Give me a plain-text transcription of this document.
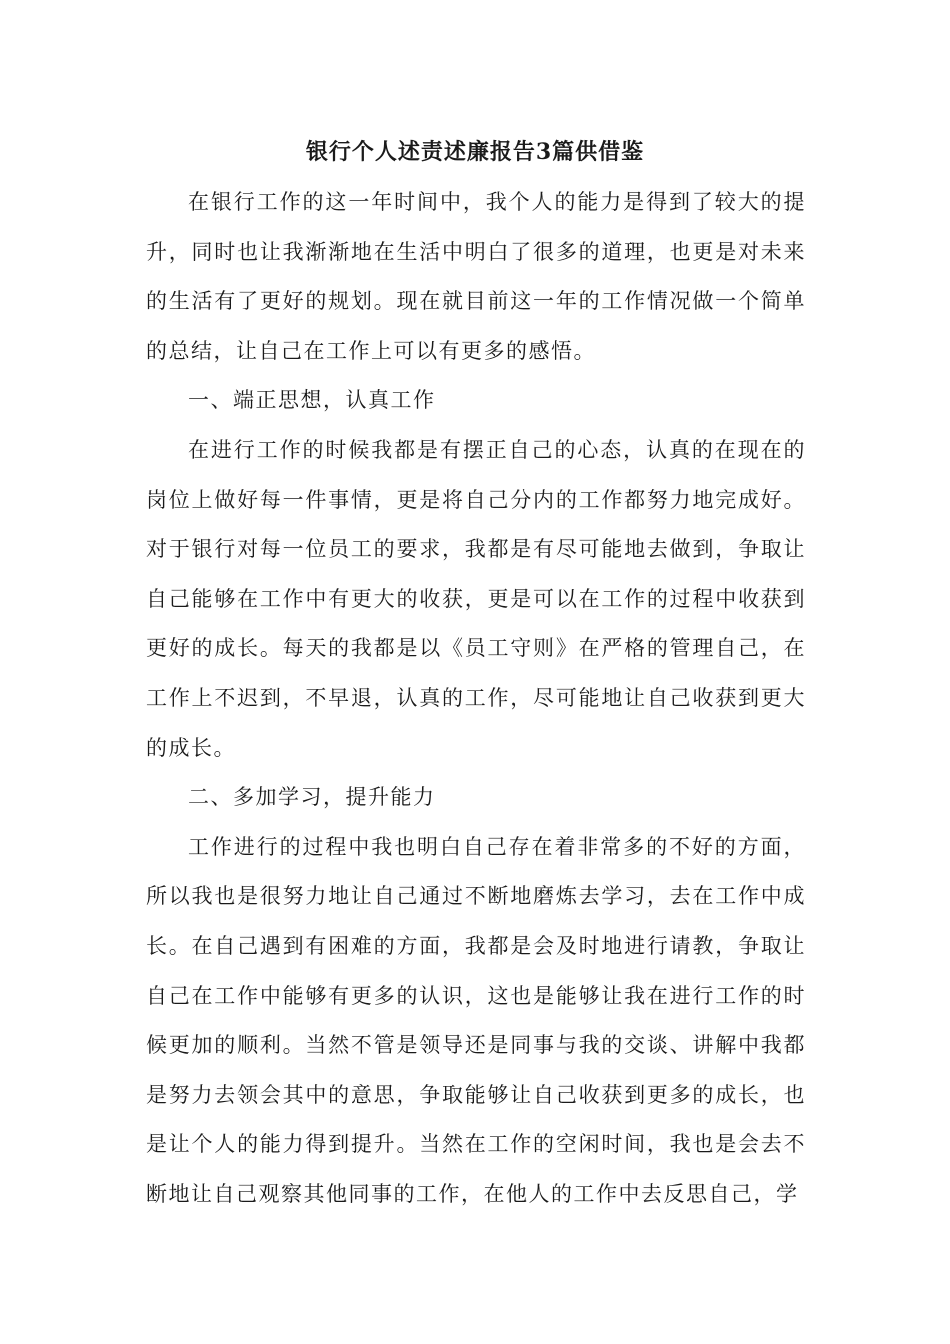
银行个人述责述廉报告3篇供借鉴

在银行工作的这一年时间中，我个人的能力是得到了较大的提升，同时也让我渐渐地在生活中明白了很多的道理，也更是对未来的生活有了更好的规划。现在就目前这一年的工作情况做一个简单的总结，让自己在工作上可以有更多的感悟。

一、端正思想，认真工作

在进行工作的时候我都是有摆正自己的心态，认真的在现在的岗位上做好每一件事情，更是将自己分内的工作都努力地完成好。对于银行对每一位员工的要求，我都是有尽可能地去做到，争取让自己能够在工作中有更大的收获，更是可以在工作的过程中收获到更好的成长。每天的我都是以《员工守则》在严格的管理自己，在工作上不迟到，不早退，认真的工作，尽可能地让自己收获到更大的成长。

二、多加学习，提升能力

工作进行的过程中我也明白自己存在着非常多的不好的方面，所以我也是很努力地让自己通过不断地磨炼去学习，去在工作中成长。在自己遇到有困难的方面，我都是会及时地进行请教，争取让自己在工作中能够有更多的认识，这也是能够让我在进行工作的时候更加的顺利。当然不管是领导还是同事与我的交谈、讲解中我都是努力去领会其中的意思，争取能够让自己收获到更多的成长，也是让个人的能力得到提升。当然在工作的空闲时间，我也是会去不断地让自己观察其他同事的工作，在他人的工作中去反思自己，学
